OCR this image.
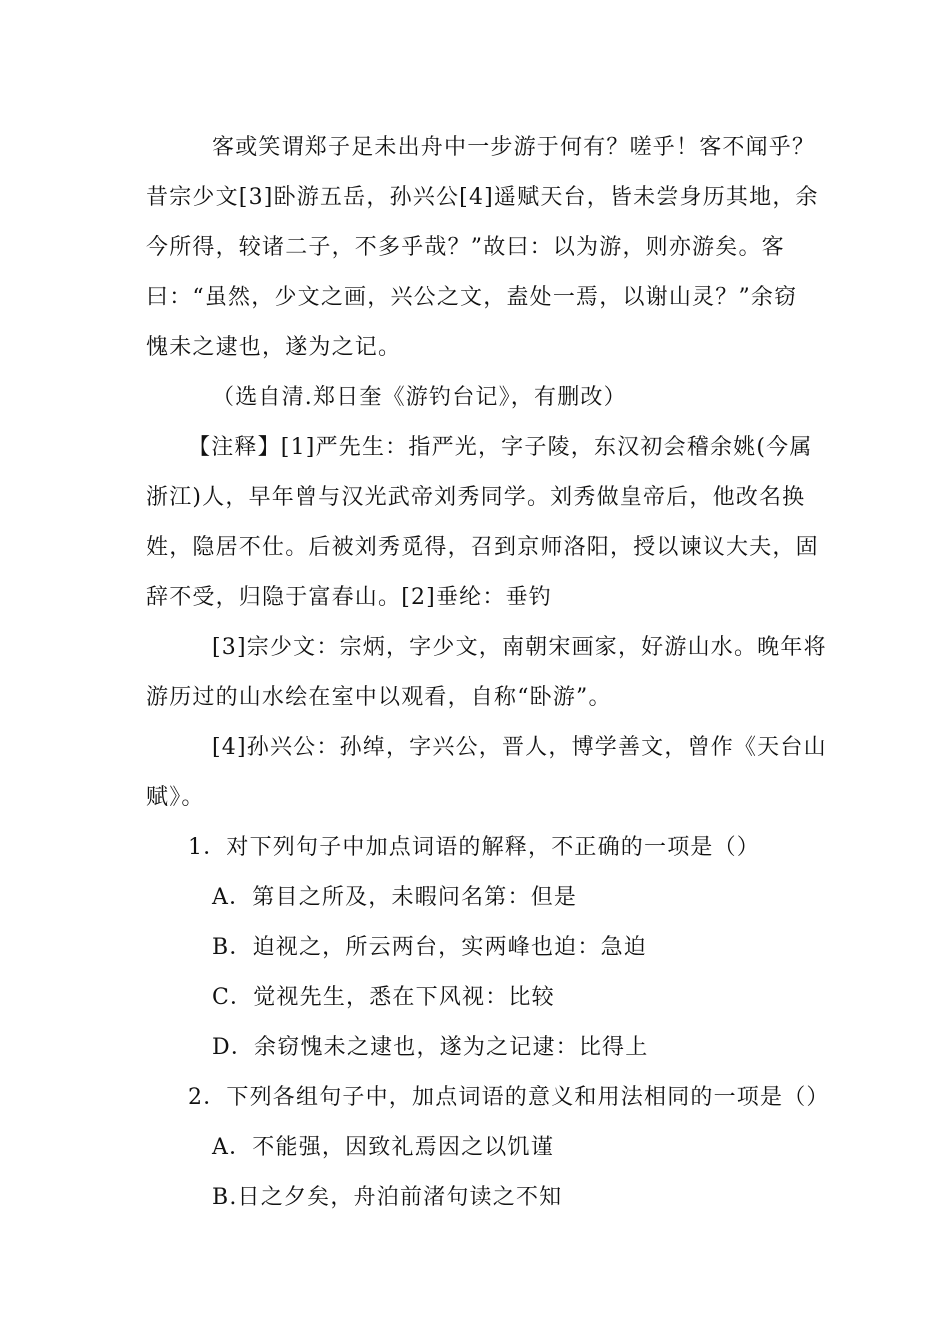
客或笑谓郑子足未出舟中一步游于何有？嗟乎！客不闻乎？
昔宗少文[3]卧游五岳，孙兴公[4]遥赋天台，皆未尝身历其地，余
今所得，较诸二子，不多乎哉？”故曰：以为游，则亦游矣。客
曰：“虽然，少文之画，兴公之文，盍处一焉，以谢山灵？”余窃
愧未之逮也，遂为之记。
（选自清.郑日奎《游钓台记》，有删改）
【注释】[1]严先生：指严光，字子陵，东汉初会稽余姚(今属
浙江)人，早年曾与汉光武帝刘秀同学。刘秀做皇帝后，他改名换
姓，隐居不仕。后被刘秀觅得，召到京师洛阳，授以谏议大夫，固
辞不受，归隐于富春山。[2]垂纶：垂钓
[3]宗少文：宗炳，字少文，南朝宋画家，好游山水。晚年将
游历过的山水绘在室中以观看，自称“卧游”。
[4]孙兴公：孙绰，字兴公，晋人，博学善文，曾作《天台山
赋》。
1．对下列句子中加点词语的解释，不正确的一项是（）
A．第目之所及，未暇问名第：但是
B．迫视之，所云两台，实两峰也迫：急迫
C．觉视先生，悉在下风视：比较
D．余窃愧未之逮也，遂为之记逮：比得上
2．下列各组句子中，加点词语的意义和用法相同的一项是（）
A．不能强，因致礼焉因之以饥谨
B.日之夕矣，舟泊前渚句读之不知
